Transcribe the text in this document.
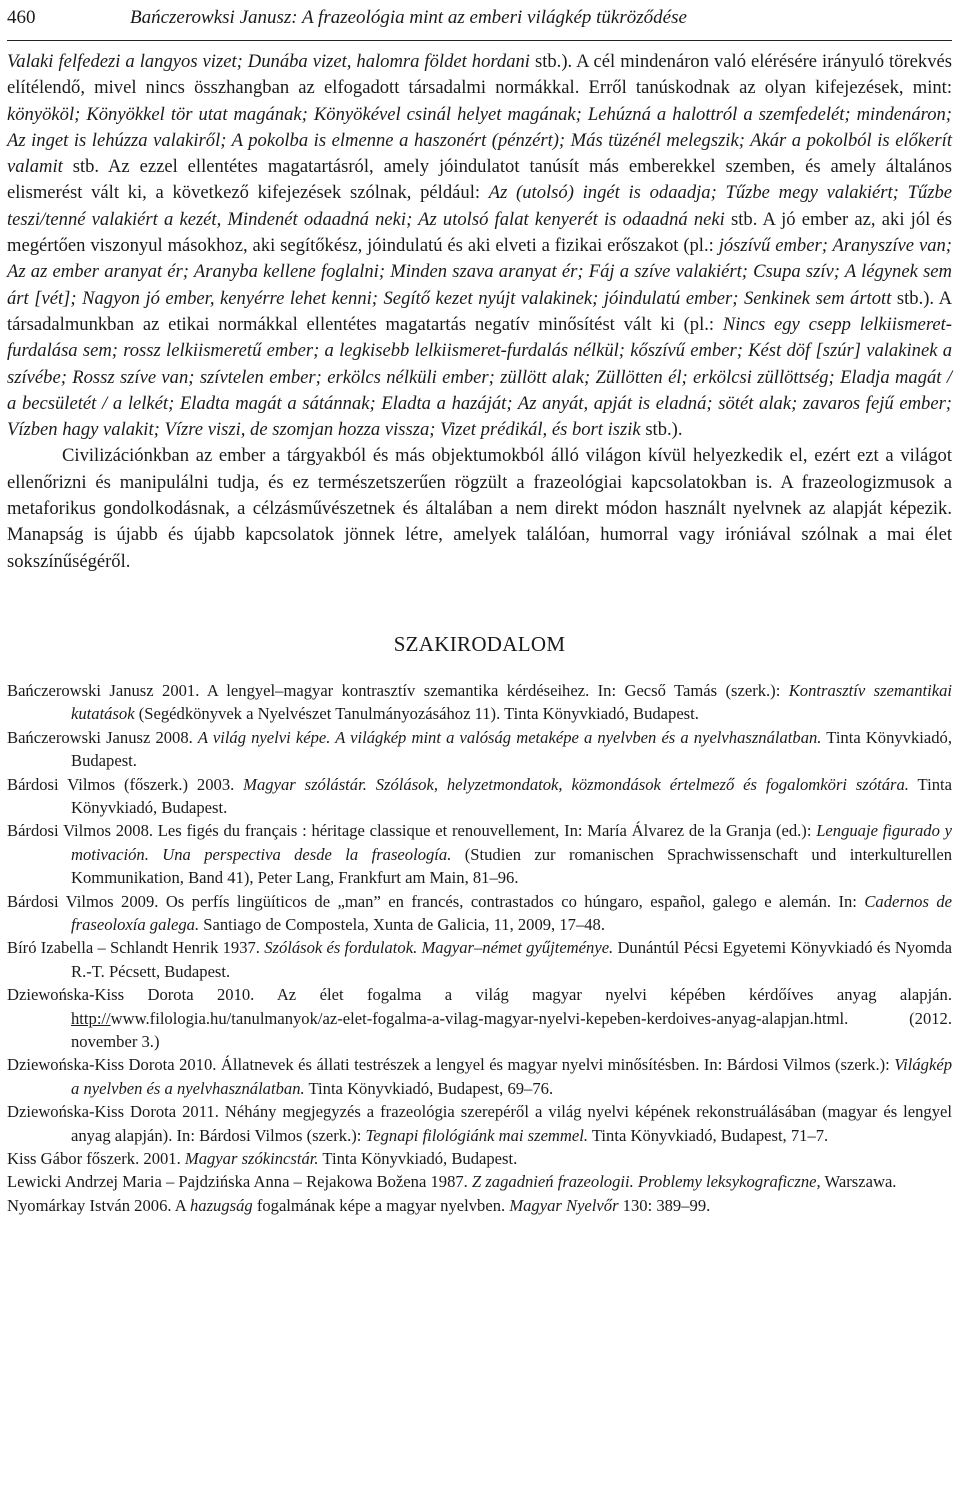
460	Bańczerowksi Janusz: A frazeológia mint az emberi világkép tükröződése

Valaki felfedezi a langyos vizet; Dunába vizet, halomra földet hordani stb.). A cél mindenáron való elérésére irányuló törekvés elítélendő, mivel nincs összhangban az elfogadott társadalmi normákkal. Erről tanúskodnak az olyan kifejezések, mint: könyököl; Könyökkel tör utat magának; Könyökével csinál helyet magának; Lehúzná a halottról a szemfedelét; mindenáron; Az inget is lehúzza valakiről; A pokolba is elmenne a haszonért (pénzért); Más tüzénél melegszik; Akár a pokolból is előkerít valamit stb. Az ezzel ellentétes magatartásról, amely jóindulatot tanúsít más emberekkel szemben, és amely általános elismerést vált ki, a következő kifejezések szólnak, például: Az (utolsó) ingét is odaadja; Tűzbe megy valakiért; Tűzbe teszi/tenné valakiért a kezét, Mindenét odaadná neki; Az utolsó falat kenyerét is odaadná neki stb. A jó ember az, aki jól és megértően viszonyul másokhoz, aki segítőkész, jóindulatú és aki elveti a fizikai erőszakot (pl.: jószívű ember; Aranyszíve van; Az az ember aranyat ér; Aranyba kellene foglalni; Minden szava aranyat ér; Fáj a szíve valakiért; Csupa szív; A légynek sem árt [vét]; Nagyon jó ember, kenyérre lehet kenni; Segítő kezet nyújt valakinek; jóindulatú ember; Senkinek sem ártott stb.). A társadalmunkban az etikai normákkal ellentétes magatartás negatív minősítést vált ki (pl.: Nincs egy csepp lelkiismeret-furdalása sem; rossz lelkiismeretű ember; a legkisebb lelkiismeret-furdalás nélkül; kőszívű ember; Kést döf [szúr] valakinek a szívébe; Rossz szíve van; szívtelen ember; erkölcs nélküli ember; züllött alak; Züllötten él; erkölcsi züllöttség; Eladja magát / a becsületét / a lelkét; Eladta magát a sátánnak; Eladta a hazáját; Az anyát, apját is eladná; sötét alak; zavaros fejű ember; Vízben hagy valakit; Vízre viszi, de szomjan hozza vissza; Vizet prédikál, és bort iszik stb.).

Civilizációnkban az ember a tárgyakból és más objektumokból álló világon kívül helyezkedik el, ezért ezt a világot ellenőrizni és manipulálni tudja, és ez természetszerűen rögzült a frazeológiai kapcsolatokban is. A frazeologizmusok a metaforikus gondolkodásnak, a célzásművészetnek és általában a nem direkt módon használt nyelvnek az alapját képezik. Manapság is újabb és újabb kapcsolatok jönnek létre, amelyek találóan, humorral vagy iróniával szólnak a mai élet sokszínűségéről.

SZAKIRODALOM

Bańczerowski Janusz 2001. A lengyel–magyar kontrasztív szemantika kérdéseihez. In: Gecső Tamás (szerk.): Kontrasztív szemantikai kutatások (Segédkönyvek a Nyelvészet Tanulmányozásához 11). Tinta Könyvkiadó, Budapest.

Bańczerowski Janusz 2008. A világ nyelvi képe. A világkép mint a valóság metaképe a nyelvben és a nyelvhasználatban. Tinta Könyvkiadó, Budapest.

Bárdosi Vilmos (főszerk.) 2003. Magyar szólástár. Szólások, helyzetmondatok, közmondások értelmező és fogalomköri szótára. Tinta Könyvkiadó, Budapest.

Bárdosi Vilmos 2008. Les figés du français : héritage classique et renouvellement, In: María Álvarez de la Granja (ed.): Lenguaje figurado y motivación. Una perspectiva desde la fraseología. (Studien zur romanischen Sprachwissenschaft und interkulturellen Kommunikation, Band 41), Peter Lang, Frankfurt am Main, 81–96.

Bárdosi Vilmos 2009. Os perfís lingüíticos de „man” en francés, contrastados co húngaro, español, galego e alemán. In: Cadernos de fraseoloxía galega. Santiago de Compostela, Xunta de Galicia, 11, 2009, 17–48.

Bíró Izabella – Schlandt Henrik 1937. Szólások és fordulatok. Magyar–német gyűjteménye. Dunántúl Pécsi Egyetemi Könyvkiadó és Nyomda R.-T. Pécsett, Budapest.

Dziewońska-Kiss Dorota 2010. Az élet fogalma a világ magyar nyelvi képében kérdőíves anyag alapján. http://www.filologia.hu/tanulmanyok/az-elet-fogalma-a-vilag-magyar-nyelvi-kepeben-kerdoives-anyag-alapjan.html. (2012. november 3.)

Dziewońska-Kiss Dorota 2010. Állatnevek és állati testrészek a lengyel és magyar nyelvi minősítésben. In: Bárdosi Vilmos (szerk.): Világkép a nyelvben és a nyelvhasználatban. Tinta Könyvkiadó, Budapest, 69–76.

Dziewońska-Kiss Dorota 2011. Néhány megjegyzés a frazeológia szerepéről a világ nyelvi képének rekonstruálásában (magyar és lengyel anyag alapján). In: Bárdosi Vilmos (szerk.): Tegnapi filológiánk mai szemmel. Tinta Könyvkiadó, Budapest, 71–7.

Kiss Gábor főszerk. 2001. Magyar szókincstár. Tinta Könyvkiadó, Budapest.

Lewicki Andrzej Maria – Pajdzińska Anna – Rejakowa Božena 1987. Z zagadnień frazeologii. Problemy leksykograficzne, Warszawa.

Nyomárkay István 2006. A hazugság fogalmának képe a magyar nyelvben. Magyar Nyelvőr 130: 389–99.
